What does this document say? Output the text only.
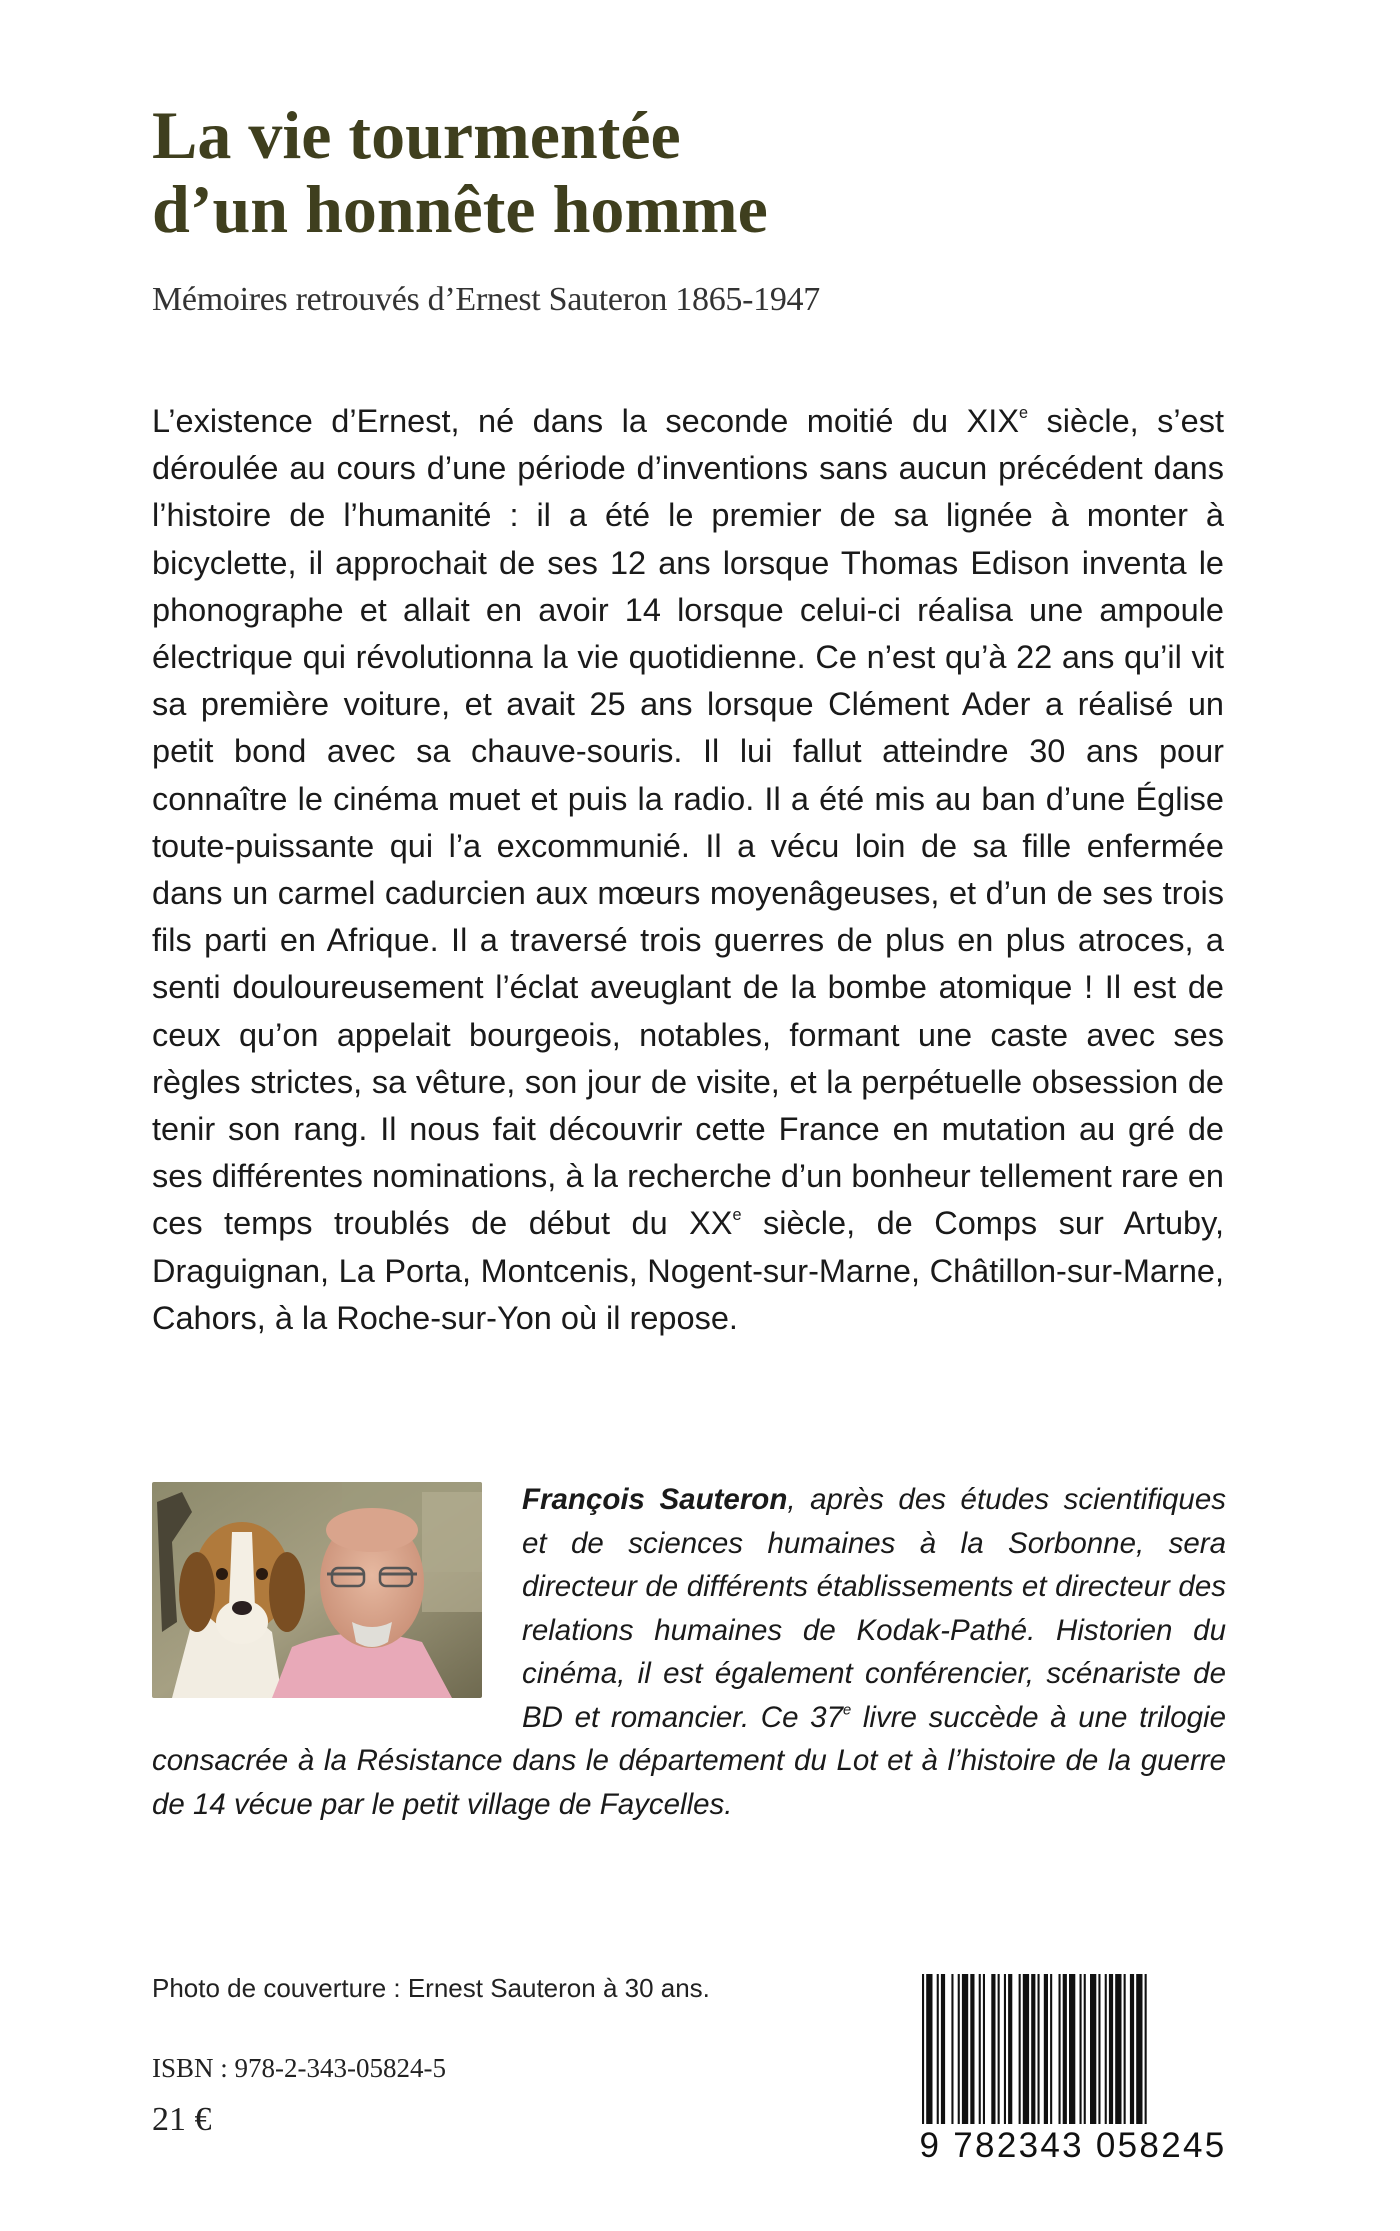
La vie tourmentée
d’un honnête homme

Mémoires retrouvés d’Ernest Sauteron 1865-1947

L’existence d’Ernest, né dans la seconde moitié du XIXe siècle, s’est déroulée au cours d’une période d’inventions sans aucun précédent dans l’histoire de l’humanité : il a été le premier de sa lignée à monter à bicyclette, il approchait de ses 12 ans lorsque Thomas Edison inventa le phonographe et allait en avoir 14 lorsque celui-ci réalisa une ampoule électrique qui révolutionna la vie quotidienne. Ce n’est qu’à 22 ans qu’il vit sa première voiture, et avait 25 ans lorsque Clément Ader a réalisé un petit bond avec sa chauve-souris. Il lui fallut atteindre 30 ans pour connaître le cinéma muet et puis la radio. Il a été mis au ban d’une Église toute-puissante qui l’a excommunié. Il a vécu loin de sa fille enfermée dans un carmel cadurcien aux mœurs moyenâgeuses, et d’un de ses trois fils parti en Afrique. Il a traversé trois guerres de plus en plus atroces, a senti douloureusement l’éclat aveuglant de la bombe atomique ! Il est de ceux qu’on appelait bourgeois, notables, formant une caste avec ses règles strictes, sa vêture, son jour de visite, et la perpétuelle obsession de tenir son rang. Il nous fait découvrir cette France en mutation au gré de ses différentes nominations, à la recherche d’un bonheur tellement rare en ces temps troublés de début du XXe siècle, de Comps sur Artuby, Draguignan, La Porta, Montcenis, Nogent-sur-Marne, Châtillon-sur-Marne, Cahors, à la Roche-sur-Yon où il repose.

François Sauteron, après des études scientifiques et de sciences humaines à la Sorbonne, sera directeur de différents établissements et directeur des relations humaines de Kodak-Pathé. Historien du cinéma, il est également conférencier, scénariste de BD et romancier. Ce 37e livre succède à une trilogie consacrée à la Résistance dans le département du Lot et à l’histoire de la guerre de 14 vécue par le petit village de Faycelles.

Photo de couverture : Ernest Sauteron à 30 ans.

ISBN : 978-2-343-05824-5

21 €

9 782343 058245
